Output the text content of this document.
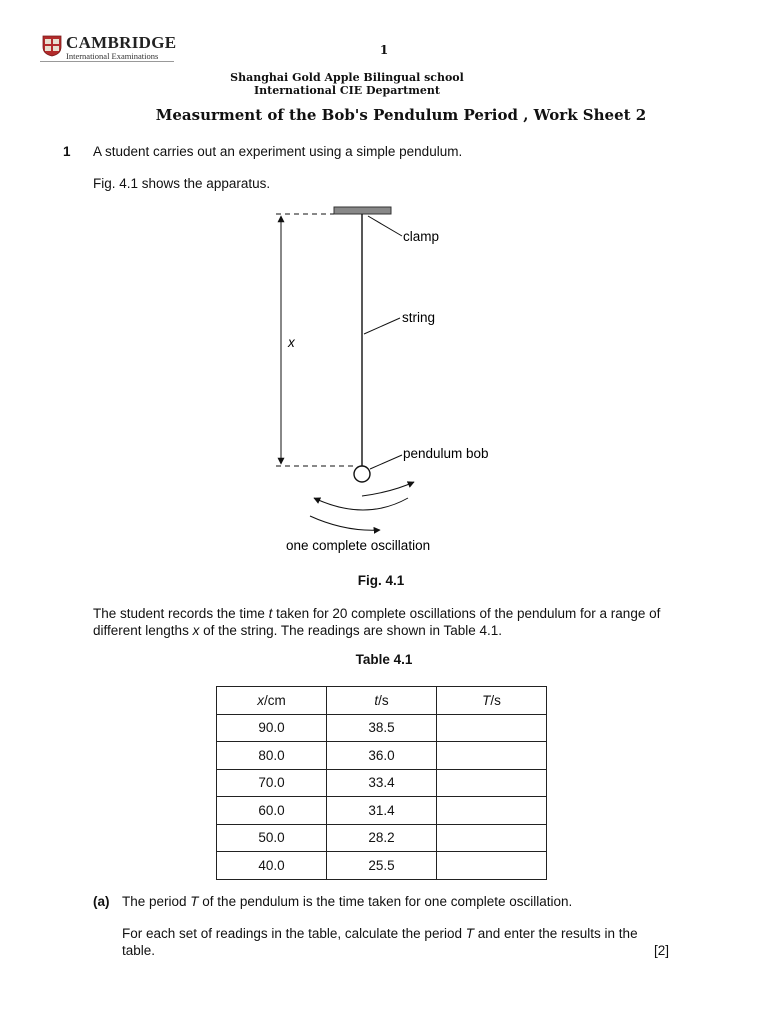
CAMBRIDGE
International Examinations	1
Shanghai Gold Apple Bilingual school
International CIE Department
Measurment of the Bob's Pendulum Period , Work Sheet 2
1 A student carries out an experiment using a simple pendulum.
Fig. 4.1 shows the apparatus.
clamp
string
x
pendulum bob
one complete oscillation
Fig. 4.1
The student records the time t taken for 20 complete oscillations of the pendulum for a range of different lengths x of the string. The readings are shown in Table 4.1.
Table 4.1
x/cm	t/s	T/s
90.0	38.5	
80.0	36.0	
70.0	33.4	
60.0	31.4	
50.0	28.2	
40.0	25.5	
(a) The period T of the pendulum is the time taken for one complete oscillation.
For each set of readings in the table, calculate the period T and enter the results in the table.	[2]
